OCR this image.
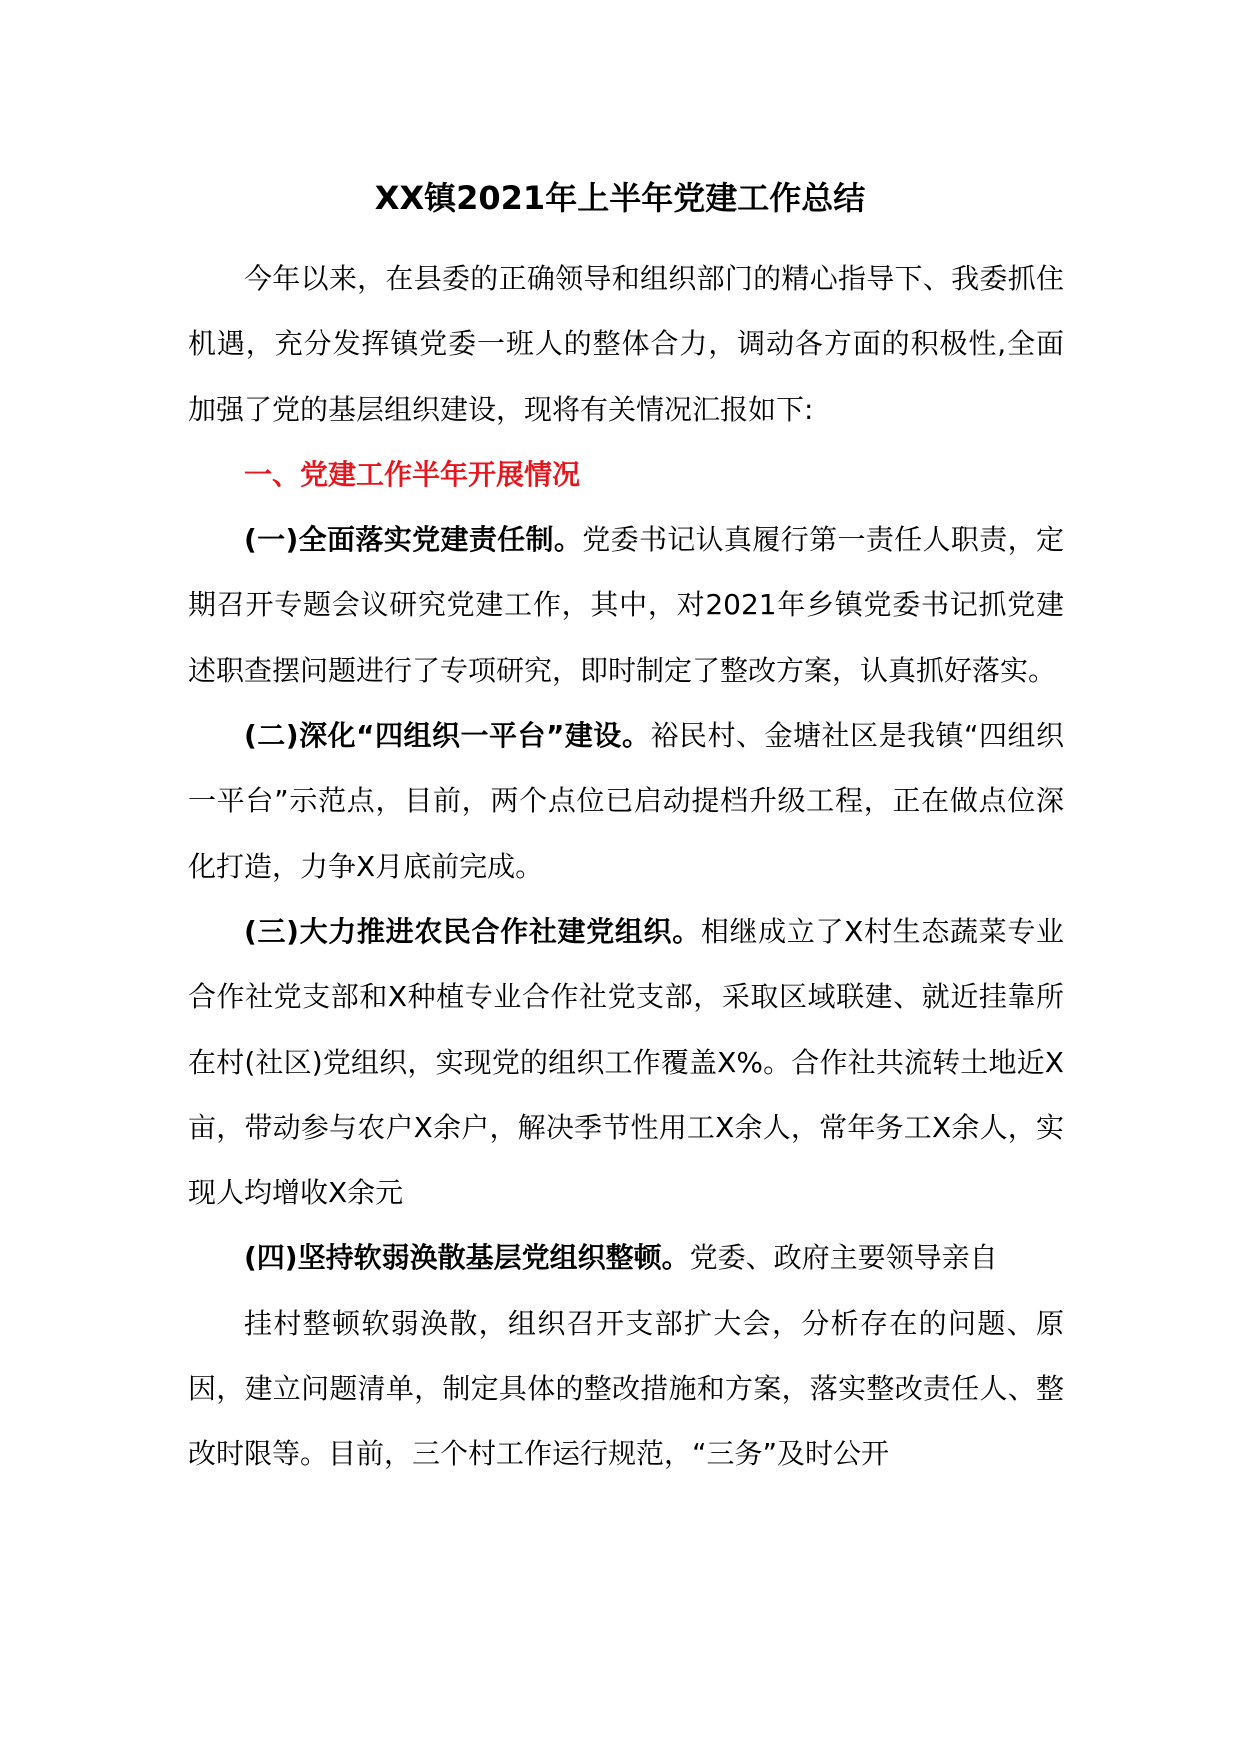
XX镇2021年上半年党建工作总结

今年以来，在县委的正确领导和组织部门的精心指导下、我委抓住机遇，充分发挥镇党委一班人的整体合力，调动各方面的积极性,全面加强了党的基层组织建设，现将有关情况汇报如下:

一、党建工作半年开展情况

(一)全面落实党建责任制。党委书记认真履行第一责任人职责，定期召开专题会议研究党建工作，其中，对2021年乡镇党委书记抓党建述职查摆问题进行了专项研究，即时制定了整改方案，认真抓好落实。

(二)深化“四组织一平台”建设。裕民村、金塘社区是我镇“四组织一平台”示范点，目前，两个点位已启动提档升级工程，正在做点位深化打造，力争X月底前完成。

(三)大力推进农民合作社建党组织。相继成立了X村生态蔬菜专业合作社党支部和X种植专业合作社党支部，采取区域联建、就近挂靠所在村(社区)党组织，实现党的组织工作覆盖X%。合作社共流转土地近X亩，带动参与农户X余户，解决季节性用工X余人，常年务工X余人，实现人均增收X余元

(四)坚持软弱涣散基层党组织整顿。党委、政府主要领导亲自

挂村整顿软弱涣散，组织召开支部扩大会，分析存在的问题、原因，建立问题清单，制定具体的整改措施和方案，落实整改责任人、整改时限等。目前，三个村工作运行规范，“三务”及时公开
